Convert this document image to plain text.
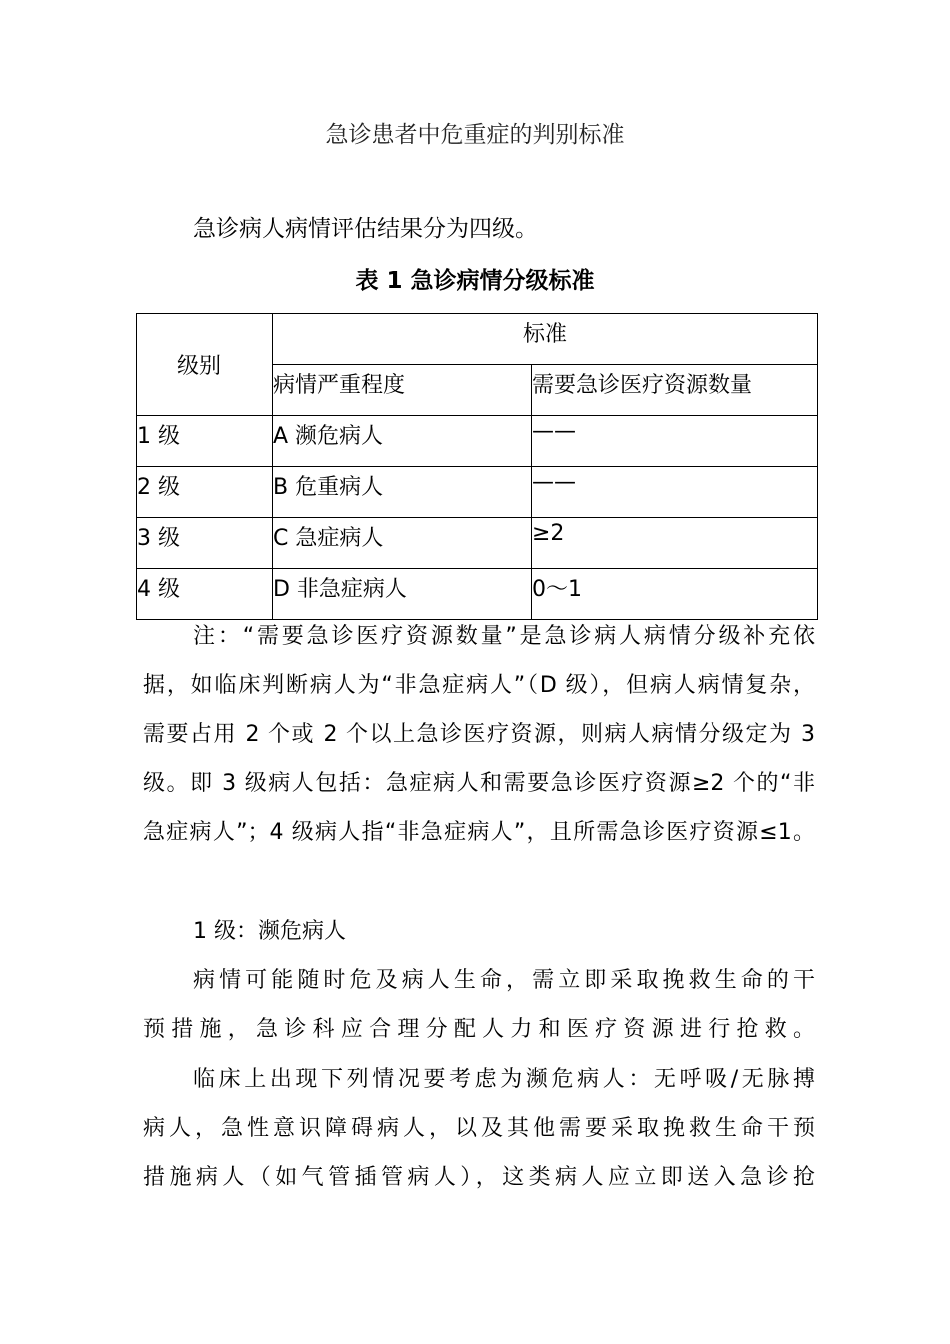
急诊患者中危重症的判别标准
急诊病人病情评估结果分为四级。
表 1 急诊病情分级标准
级别	标准	

	病情严重程度	需要急诊医疗资源数量

1 级	A 濒危病人	——

2 级	B 危重病人	——

3 级	C 急症病人	≥2

4 级	D 非急症病人	0～1
注：“需要急诊医疗资源数量”是急诊病人病情分级补充依
据，如临床判断病人为“非急症病人”（D 级），但病人病情复杂，
需要占用 2 个或 2 个以上急诊医疗资源，则病人病情分级定为 3
级。即 3 级病人包括：急症病人和需要急诊医疗资源≥2 个的“非
急症病人”；4 级病人指“非急症病人”，且所需急诊医疗资源≤1。
1 级：濒危病人
病情可能随时危及病人生命，需立即采取挽救生命的干
预措施，急诊科应合理分配人力和医疗资源进行抢救。
临床上出现下列情况要考虑为濒危病人：无呼吸/无脉搏
病人，急性意识障碍病人，以及其他需要采取挽救生命干预
措施病人（如气管插管病人），这类病人应立即送入急诊抢
